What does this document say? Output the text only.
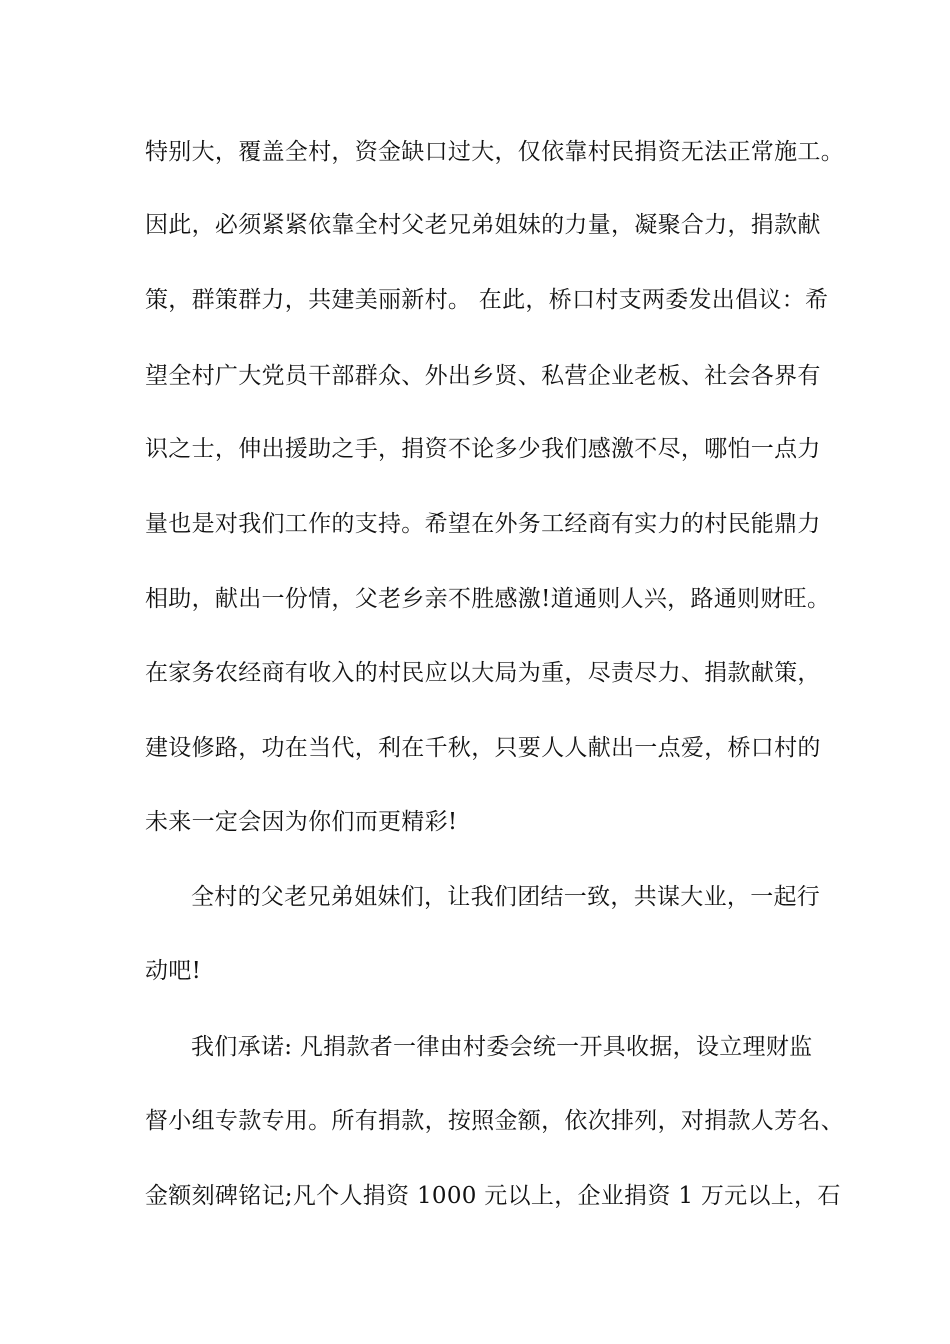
特别大，覆盖全村，资金缺口过大，仅依靠村民捐资无法正常施工。
因此，必须紧紧依靠全村父老兄弟姐妹的力量，凝聚合力，捐款献
策，群策群力，共建美丽新村。 在此，桥口村支两委发出倡议：希
望全村广大党员干部群众、外出乡贤、私营企业老板、社会各界有
识之士，伸出援助之手，捐资不论多少我们感激不尽，哪怕一点力
量也是对我们工作的支持。希望在外务工经商有实力的村民能鼎力
相助，献出一份情，父老乡亲不胜感激!道通则人兴，路通则财旺。
在家务农经商有收入的村民应以大局为重，尽责尽力、捐款献策，
建设修路，功在当代，利在千秋，只要人人献出一点爱，桥口村的
未来一定会因为你们而更精彩!
全村的父老兄弟姐妹们，让我们团结一致，共谋大业，一起行
动吧!
我们承诺: 凡捐款者一律由村委会统一开具收据，设立理财监
督小组专款专用。所有捐款，按照金额，依次排列，对捐款人芳名、
金额刻碑铭记;凡个人捐资 1000 元以上，企业捐资 1 万元以上，石
